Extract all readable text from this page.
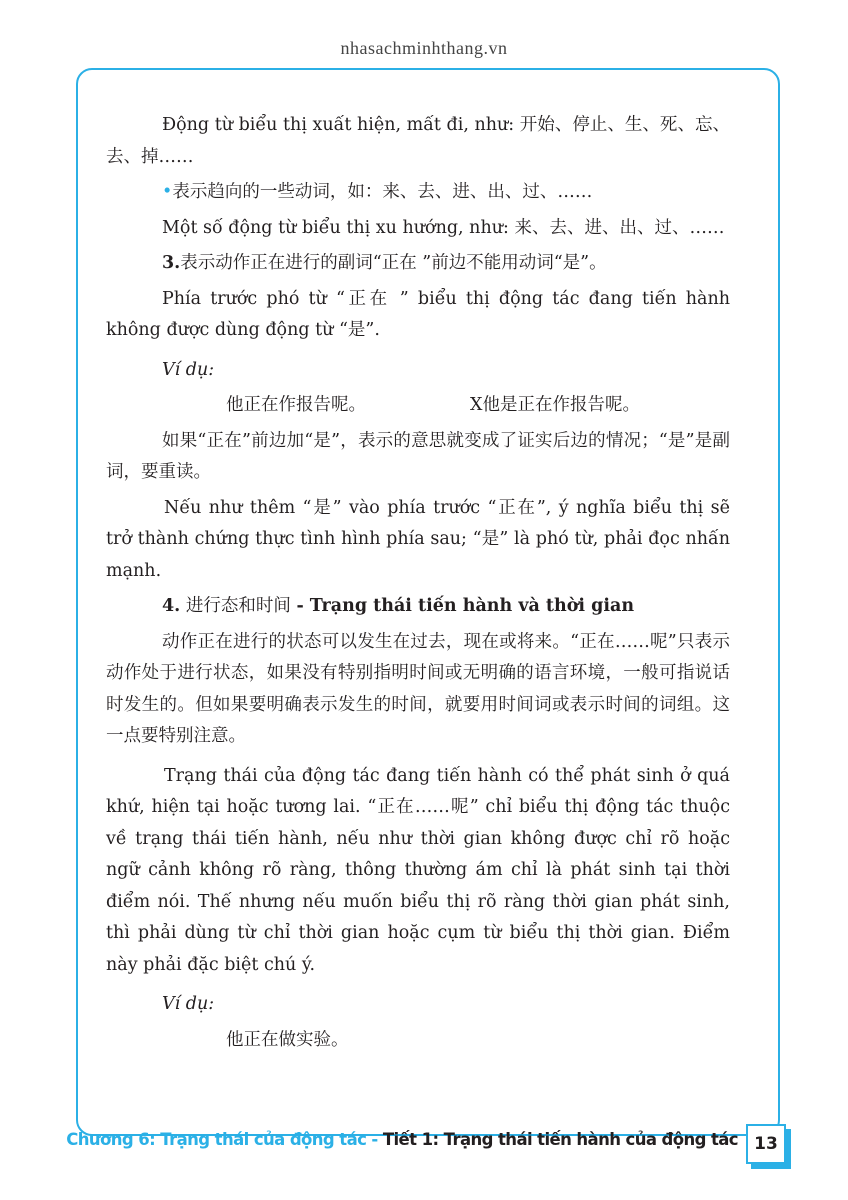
nhasachminhthang.vn

Động từ biểu thị xuất hiện, mất đi, như: 开始、停止、生、死、忘、去、掉……

•表示趋向的一些动词，如：来、去、进、出、过、……

Một số động từ biểu thị xu hướng, như: 来、去、进、出、过、……

3.表示动作正在进行的副词“正在 ”前边不能用动词“是”。

Phía trước phó từ “正在 ” biểu thị động tác đang tiến hành không được dùng động từ “是”.

Ví dụ:

他正在作报告呢。	X他是正在作报告呢。

如果“正在”前边加“是”，表示的意思就变成了证实后边的情况；“是”是副词，要重读。

Nếu như thêm “是” vào phía trước “正在”, ý nghĩa biểu thị sẽ trở thành chứng thực tình hình phía sau; “是” là phó từ, phải đọc nhấn mạnh.

4. 进行态和时间 - Trạng thái tiến hành và thời gian

动作正在进行的状态可以发生在过去，现在或将来。“正在……呢”只表示动作处于进行状态，如果没有特别指明时间或无明确的语言环境，一般可指说话时发生的。但如果要明确表示发生的时间，就要用时间词或表示时间的词组。这一点要特别注意。

Trạng thái của động tác đang tiến hành có thể phát sinh ở quá khứ, hiện tại hoặc tương lai. “正在……呢” chỉ biểu thị động tác thuộc về trạng thái tiến hành, nếu như thời gian không được chỉ rõ hoặc ngữ cảnh không rõ ràng, thông thường ám chỉ là phát sinh tại thời điểm nói. Thế nhưng nếu muốn biểu thị rõ ràng thời gian phát sinh, thì phải dùng từ chỉ thời gian hoặc cụm từ biểu thị thời gian. Điểm này phải đặc biệt chú ý.

Ví dụ:

他正在做实验。

Chương 6: Trạng thái của động tác - Tiết 1: Trạng thái tiến hành của động tác 13
